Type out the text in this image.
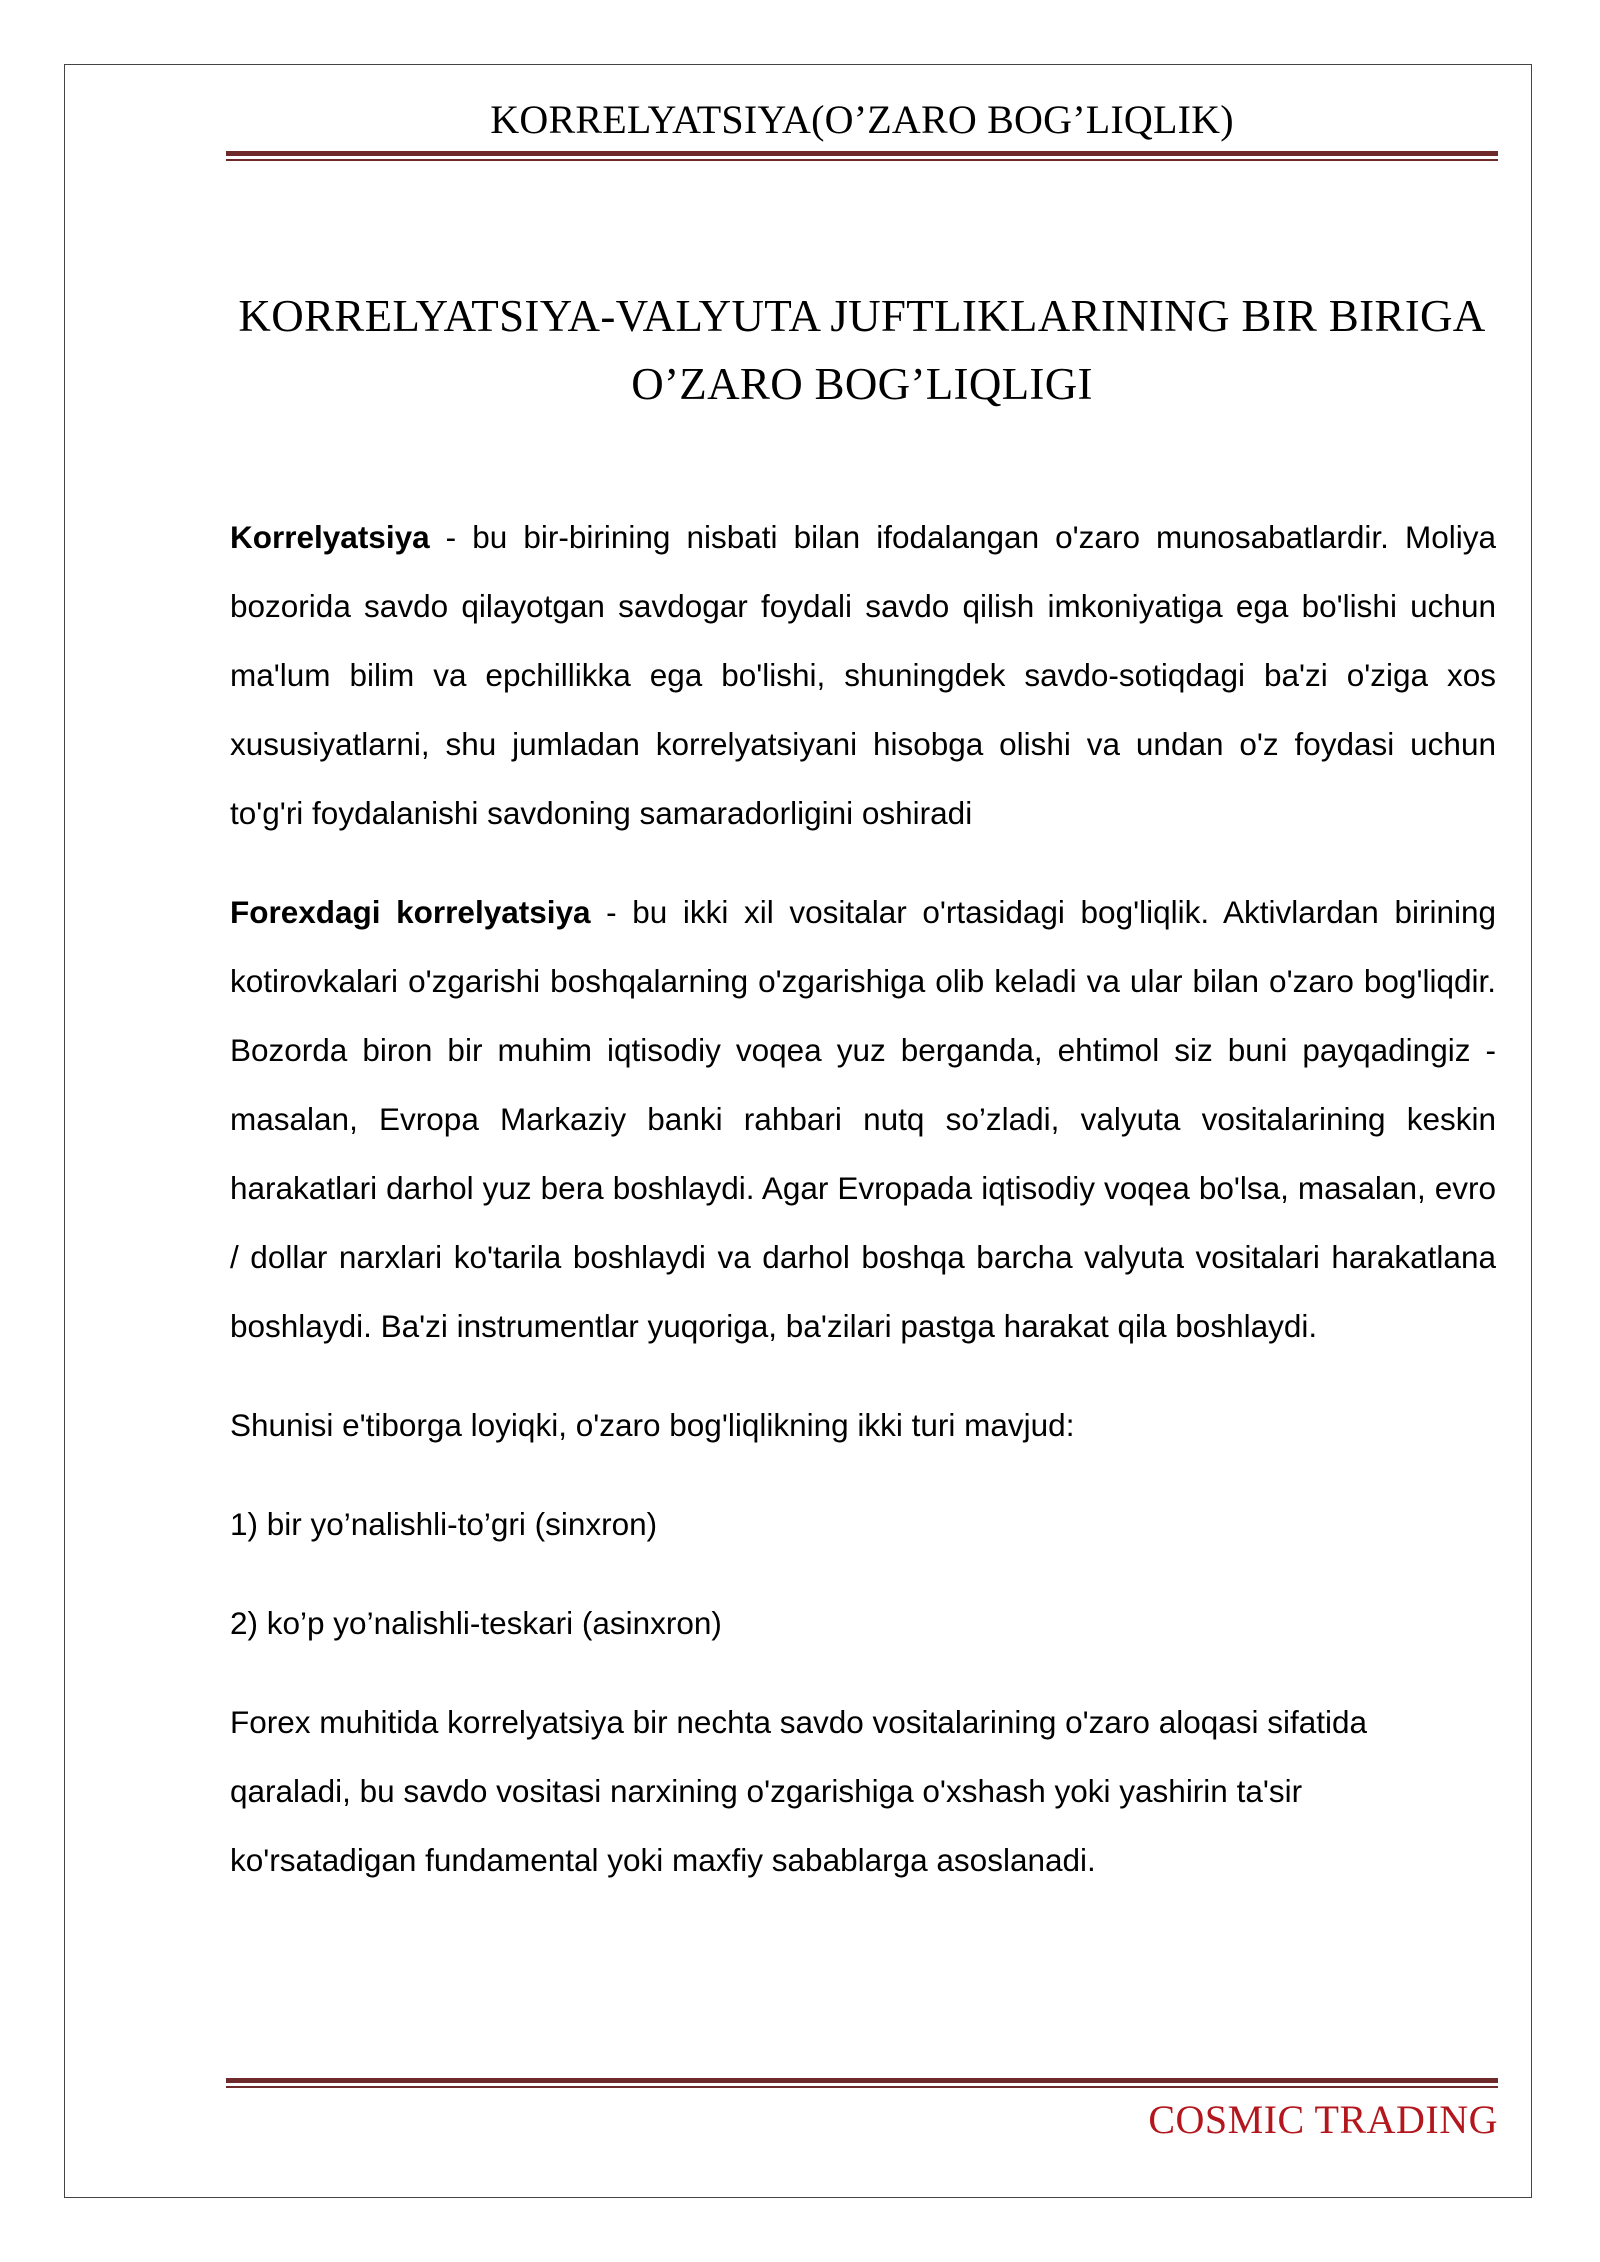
KORRELYATSIYA(O’ZARO BOG’LIQLIK)
KORRELYATSIYA-VALYUTA JUFTLIKLARINING BIR BIRIGA
O’ZARO BOG’LIQLIGI

Korrelyatsiya - bu bir-birining nisbati bilan ifodalangan o'zaro munosabatlardir. Moliya bozorida savdo qilayotgan savdogar foydali savdo qilish imkoniyatiga ega bo'lishi uchun ma'lum bilim va epchillikka ega bo'lishi, shuningdek savdo-sotiqdagi ba'zi o'ziga xos xususiyatlarni, shu jumladan korrelyatsiyani hisobga olishi va undan o'z foydasi uchun to'g'ri foydalanishi savdoning samaradorligini oshiradi

Forexdagi korrelyatsiya - bu ikki xil vositalar o'rtasidagi bog'liqlik. Aktivlardan birining kotirovkalari o'zgarishi boshqalarning o'zgarishiga olib keladi va ular bilan o'zaro bog'liqdir. Bozorda biron bir muhim iqtisodiy voqea yuz berganda, ehtimol siz buni payqadingiz - masalan, Evropa Markaziy banki rahbari nutq so’zladi, valyuta vositalarining keskin harakatlari darhol yuz bera boshlaydi. Agar Evropada iqtisodiy voqea bo'lsa, masalan, evro / dollar narxlari ko'tarila boshlaydi va darhol boshqa barcha valyuta vositalari harakatlana boshlaydi. Ba'zi instrumentlar yuqoriga, ba'zilari pastga harakat qila boshlaydi.

Shunisi e'tiborga loyiqki, o'zaro bog'liqlikning ikki turi mavjud:

1) bir yo’nalishli-to’gri (sinxron)

2) ko’p yo’nalishli-teskari (asinxron)

Forex muhitida korrelyatsiya bir nechta savdo vositalarining o'zaro aloqasi sifatida qaraladi, bu savdo vositasi narxining o'zgarishiga o'xshash yoki yashirin ta'sir ko'rsatadigan fundamental yoki maxfiy sabablarga asoslanadi.

COSMIC TRADING
